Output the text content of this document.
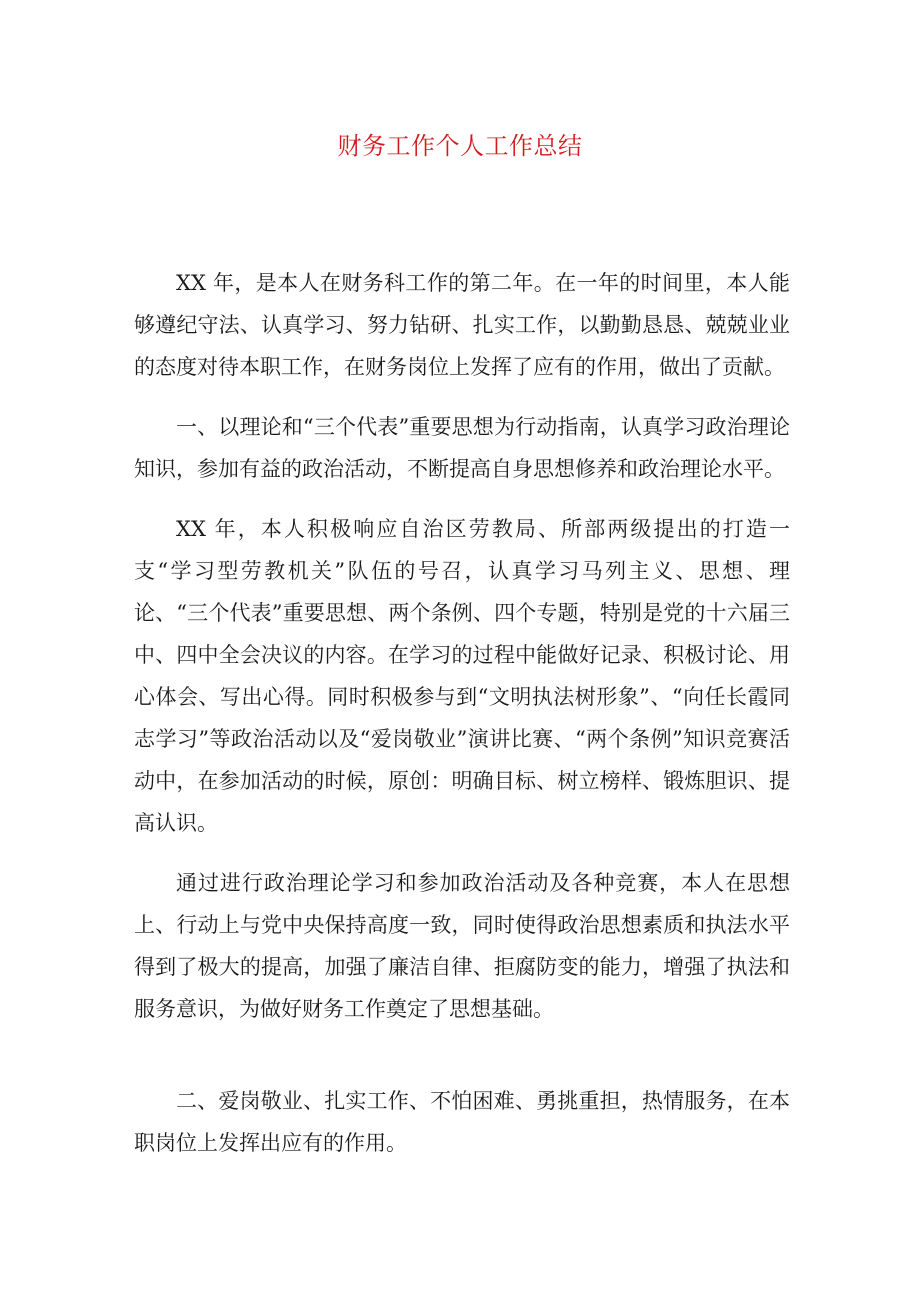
财务工作个人工作总结

XX 年，是本人在财务科工作的第二年。在一年的时间里，本人能够遵纪守法、认真学习、努力钻研、扎实工作，以勤勤恳恳、兢兢业业的态度对待本职工作，在财务岗位上发挥了应有的作用，做出了贡献。

一、以理论和“三个代表”重要思想为行动指南，认真学习政治理论知识，参加有益的政治活动，不断提高自身思想修养和政治理论水平。

XX 年，本人积极响应自治区劳教局、所部两级提出的打造一支“学习型劳教机关”队伍的号召，认真学习马列主义、思想、理论、“三个代表”重要思想、两个条例、四个专题，特别是党的十六届三中、四中全会决议的内容。在学习的过程中能做好记录、积极讨论、用心体会、写出心得。同时积极参与到“文明执法树形象”、“向任长霞同志学习”等政治活动以及“爱岗敬业”演讲比赛、“两个条例”知识竞赛活动中，在参加活动的时候，原创：明确目标、树立榜样、锻炼胆识、提高认识。

通过进行政治理论学习和参加政治活动及各种竞赛，本人在思想上、行动上与党中央保持高度一致，同时使得政治思想素质和执法水平得到了极大的提高，加强了廉洁自律、拒腐防变的能力，增强了执法和服务意识，为做好财务工作奠定了思想基础。

二、爱岗敬业、扎实工作、不怕困难、勇挑重担，热情服务，在本职岗位上发挥出应有的作用。
